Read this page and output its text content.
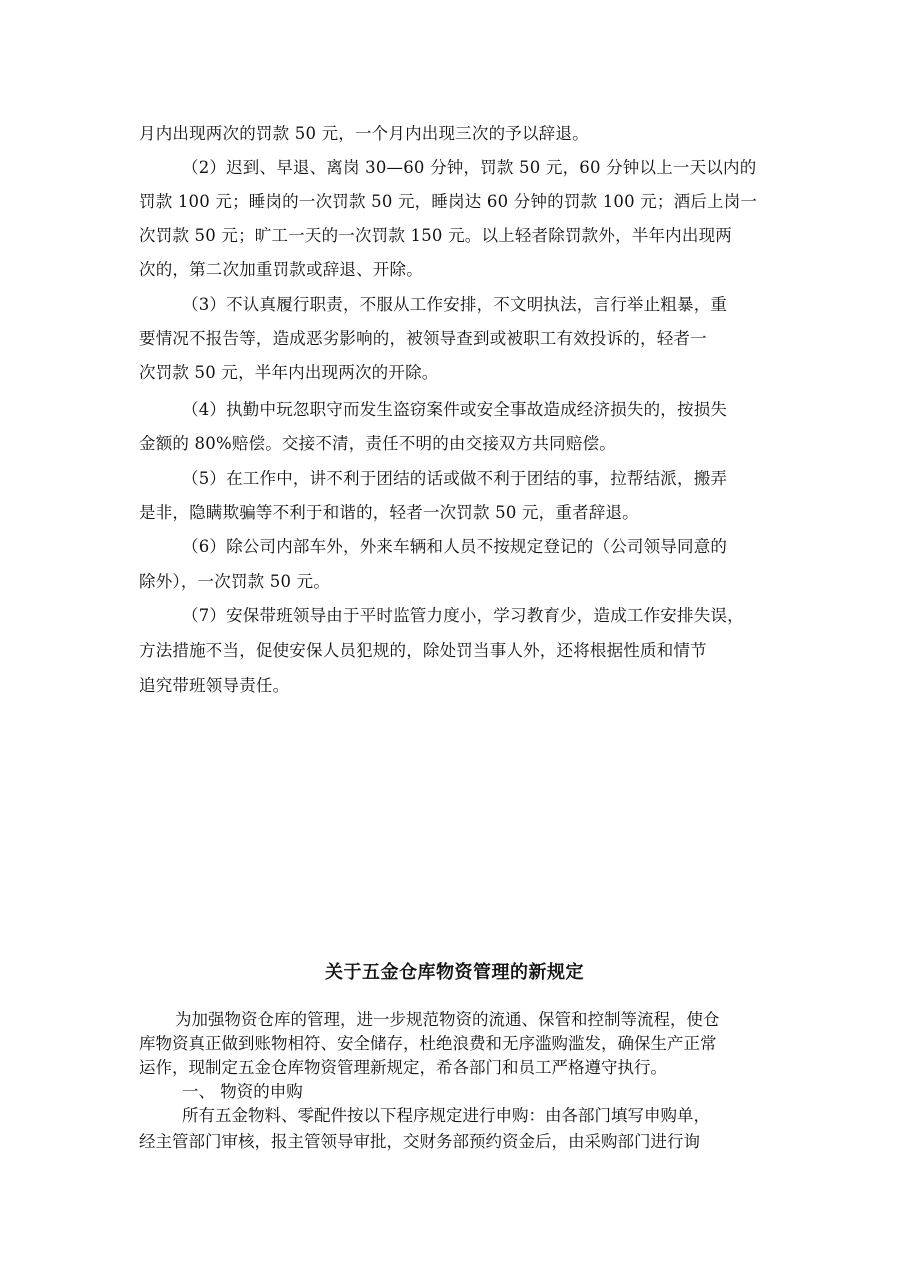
月内出现两次的罚款 50 元，一个月内出现三次的予以辞退。
（2）迟到、早退、离岗 30—60 分钟，罚款 50 元，60 分钟以上一天以内的
罚款 100 元；睡岗的一次罚款 50 元，睡岗达 60 分钟的罚款 100 元；酒后上岗一
次罚款 50 元；旷工一天的一次罚款 150 元。以上轻者除罚款外，半年内出现两
次的，第二次加重罚款或辞退、开除。
（3）不认真履行职责，不服从工作安排，不文明执法，言行举止粗暴，重
要情况不报告等，造成恶劣影响的，被领导查到或被职工有效投诉的，轻者一
次罚款 50 元，半年内出现两次的开除。
（4）执勤中玩忽职守而发生盗窃案件或安全事故造成经济损失的，按损失
金额的 80%赔偿。交接不清，责任不明的由交接双方共同赔偿。
（5）在工作中，讲不利于团结的话或做不利于团结的事，拉帮结派，搬弄
是非，隐瞒欺骗等不利于和谐的，轻者一次罚款 50 元，重者辞退。
（6）除公司内部车外，外来车辆和人员不按规定登记的（公司领导同意的
除外），一次罚款 50 元。
（7）安保带班领导由于平时监管力度小，学习教育少，造成工作安排失误，
方法措施不当，促使安保人员犯规的，除处罚当事人外，还将根据性质和情节
追究带班领导责任。
关于五金仓库物资管理的新规定
为加强物资仓库的管理，进一步规范物资的流通、保管和控制等流程，使仓
库物资真正做到账物相符、安全储存，杜绝浪费和无序滥购滥发，确保生产正常
运作，现制定五金仓库物资管理新规定，希各部门和员工严格遵守执行。
一、 物资的申购
所有五金物料、零配件按以下程序规定进行申购：由各部门填写申购单，
经主管部门审核，报主管领导审批，交财务部预约资金后，由采购部门进行询
